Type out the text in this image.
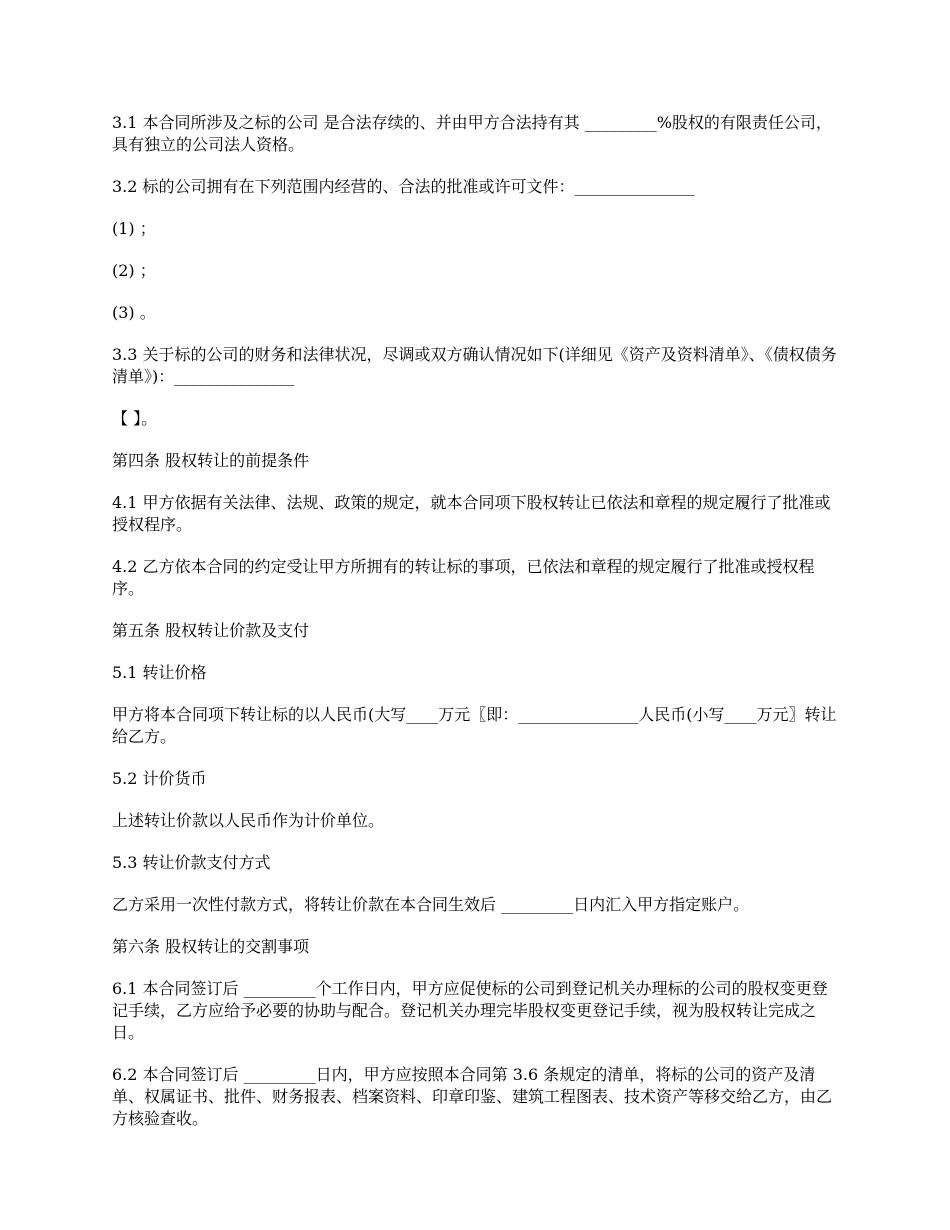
3.1 本合同所涉及之标的公司 是合法存续的、并由甲方合法持有其 _________%股权的有限责任公司，具有独立的公司法人资格。

3.2 标的公司拥有在下列范围内经营的、合法的批准或许可文件：_______________

(1) ；

(2) ；

(3) 。

3.3 关于标的公司的财务和法律状况，尽调或双方确认情况如下(详细见《资产及资料清单》、《债权债务清单》)：_______________

【 】。

第四条 股权转让的前提条件

4.1 甲方依据有关法律、法规、政策的规定，就本合同项下股权转让已依法和章程的规定履行了批准或授权程序。

4.2 乙方依本合同的约定受让甲方所拥有的转让标的事项，已依法和章程的规定履行了批准或授权程序。

第五条 股权转让价款及支付

5.1 转让价格

甲方将本合同项下转让标的以人民币(大写____万元〖即：_______________人民币(小写____万元〗转让给乙方。

5.2 计价货币

上述转让价款以人民币作为计价单位。

5.3 转让价款支付方式

乙方采用一次性付款方式，将转让价款在本合同生效后 _________日内汇入甲方指定账户。

第六条 股权转让的交割事项

6.1 本合同签订后 _________个工作日内，甲方应促使标的公司到登记机关办理标的公司的股权变更登记手续，乙方应给予必要的协助与配合。登记机关办理完毕股权变更登记手续，视为股权转让完成之日。

6.2 本合同签订后 _________日内，甲方应按照本合同第 3.6 条规定的清单，将标的公司的资产及清单、权属证书、批件、财务报表、档案资料、印章印鉴、建筑工程图表、技术资产等移交给乙方，由乙方核验查收。
